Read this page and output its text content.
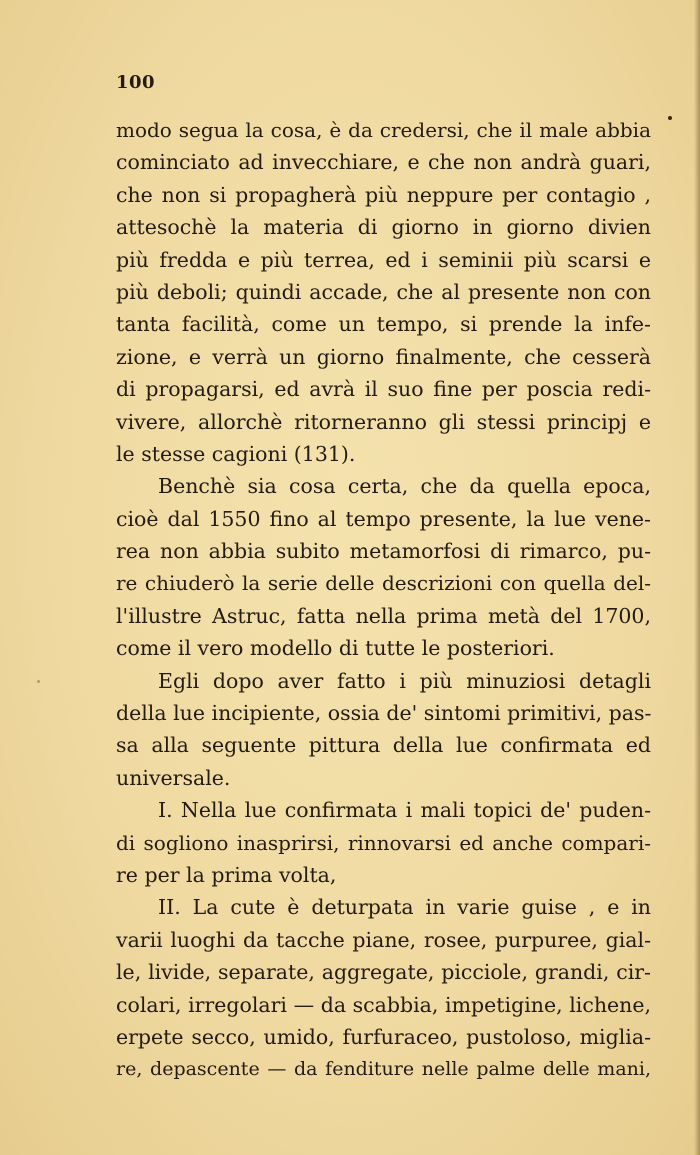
100
modo segua la cosa, è da credersi, che il male abbia
cominciato ad invecchiare, e che non andrà guari,
che non si propagherà più neppure per contagio ,
attesochè la materia di giorno in giorno divien
più fredda e più terrea, ed i seminii più scarsi e
più deboli; quindi accade, che al presente non con
tanta facilità, come un tempo, si prende la infe-
zione, e verrà un giorno finalmente, che cesserà
di propagarsi, ed avrà il suo fine per poscia redi-
vivere, allorchè ritorneranno gli stessi principj e
le stesse cagioni (131).
Benchè sia cosa certa, che da quella epoca,
cioè dal 1550 fino al tempo presente, la lue vene-
rea non abbia subito metamorfosi di rimarco, pu-
re chiuderò la serie delle descrizioni con quella del-
l'illustre Astruc, fatta nella prima metà del 1700,
come il vero modello di tutte le posteriori.
Egli dopo aver fatto i più minuziosi detagli
della lue incipiente, ossia de' sintomi primitivi, pas-
sa alla seguente pittura della lue confirmata ed
universale.
I. Nella lue confirmata i mali topici de' puden-
di sogliono inasprirsi, rinnovarsi ed anche compari-
re per la prima volta,
II. La cute è deturpata in varie guise , e in
varii luoghi da tacche piane, rosee, purpuree, gial-
le, livide, separate, aggregate, picciole, grandi, cir-
colari, irregolari — da scabbia, impetigine, lichene,
erpete secco, umido, furfuraceo, pustoloso, miglia-
re, depascente — da fenditure nelle palme delle mani,
